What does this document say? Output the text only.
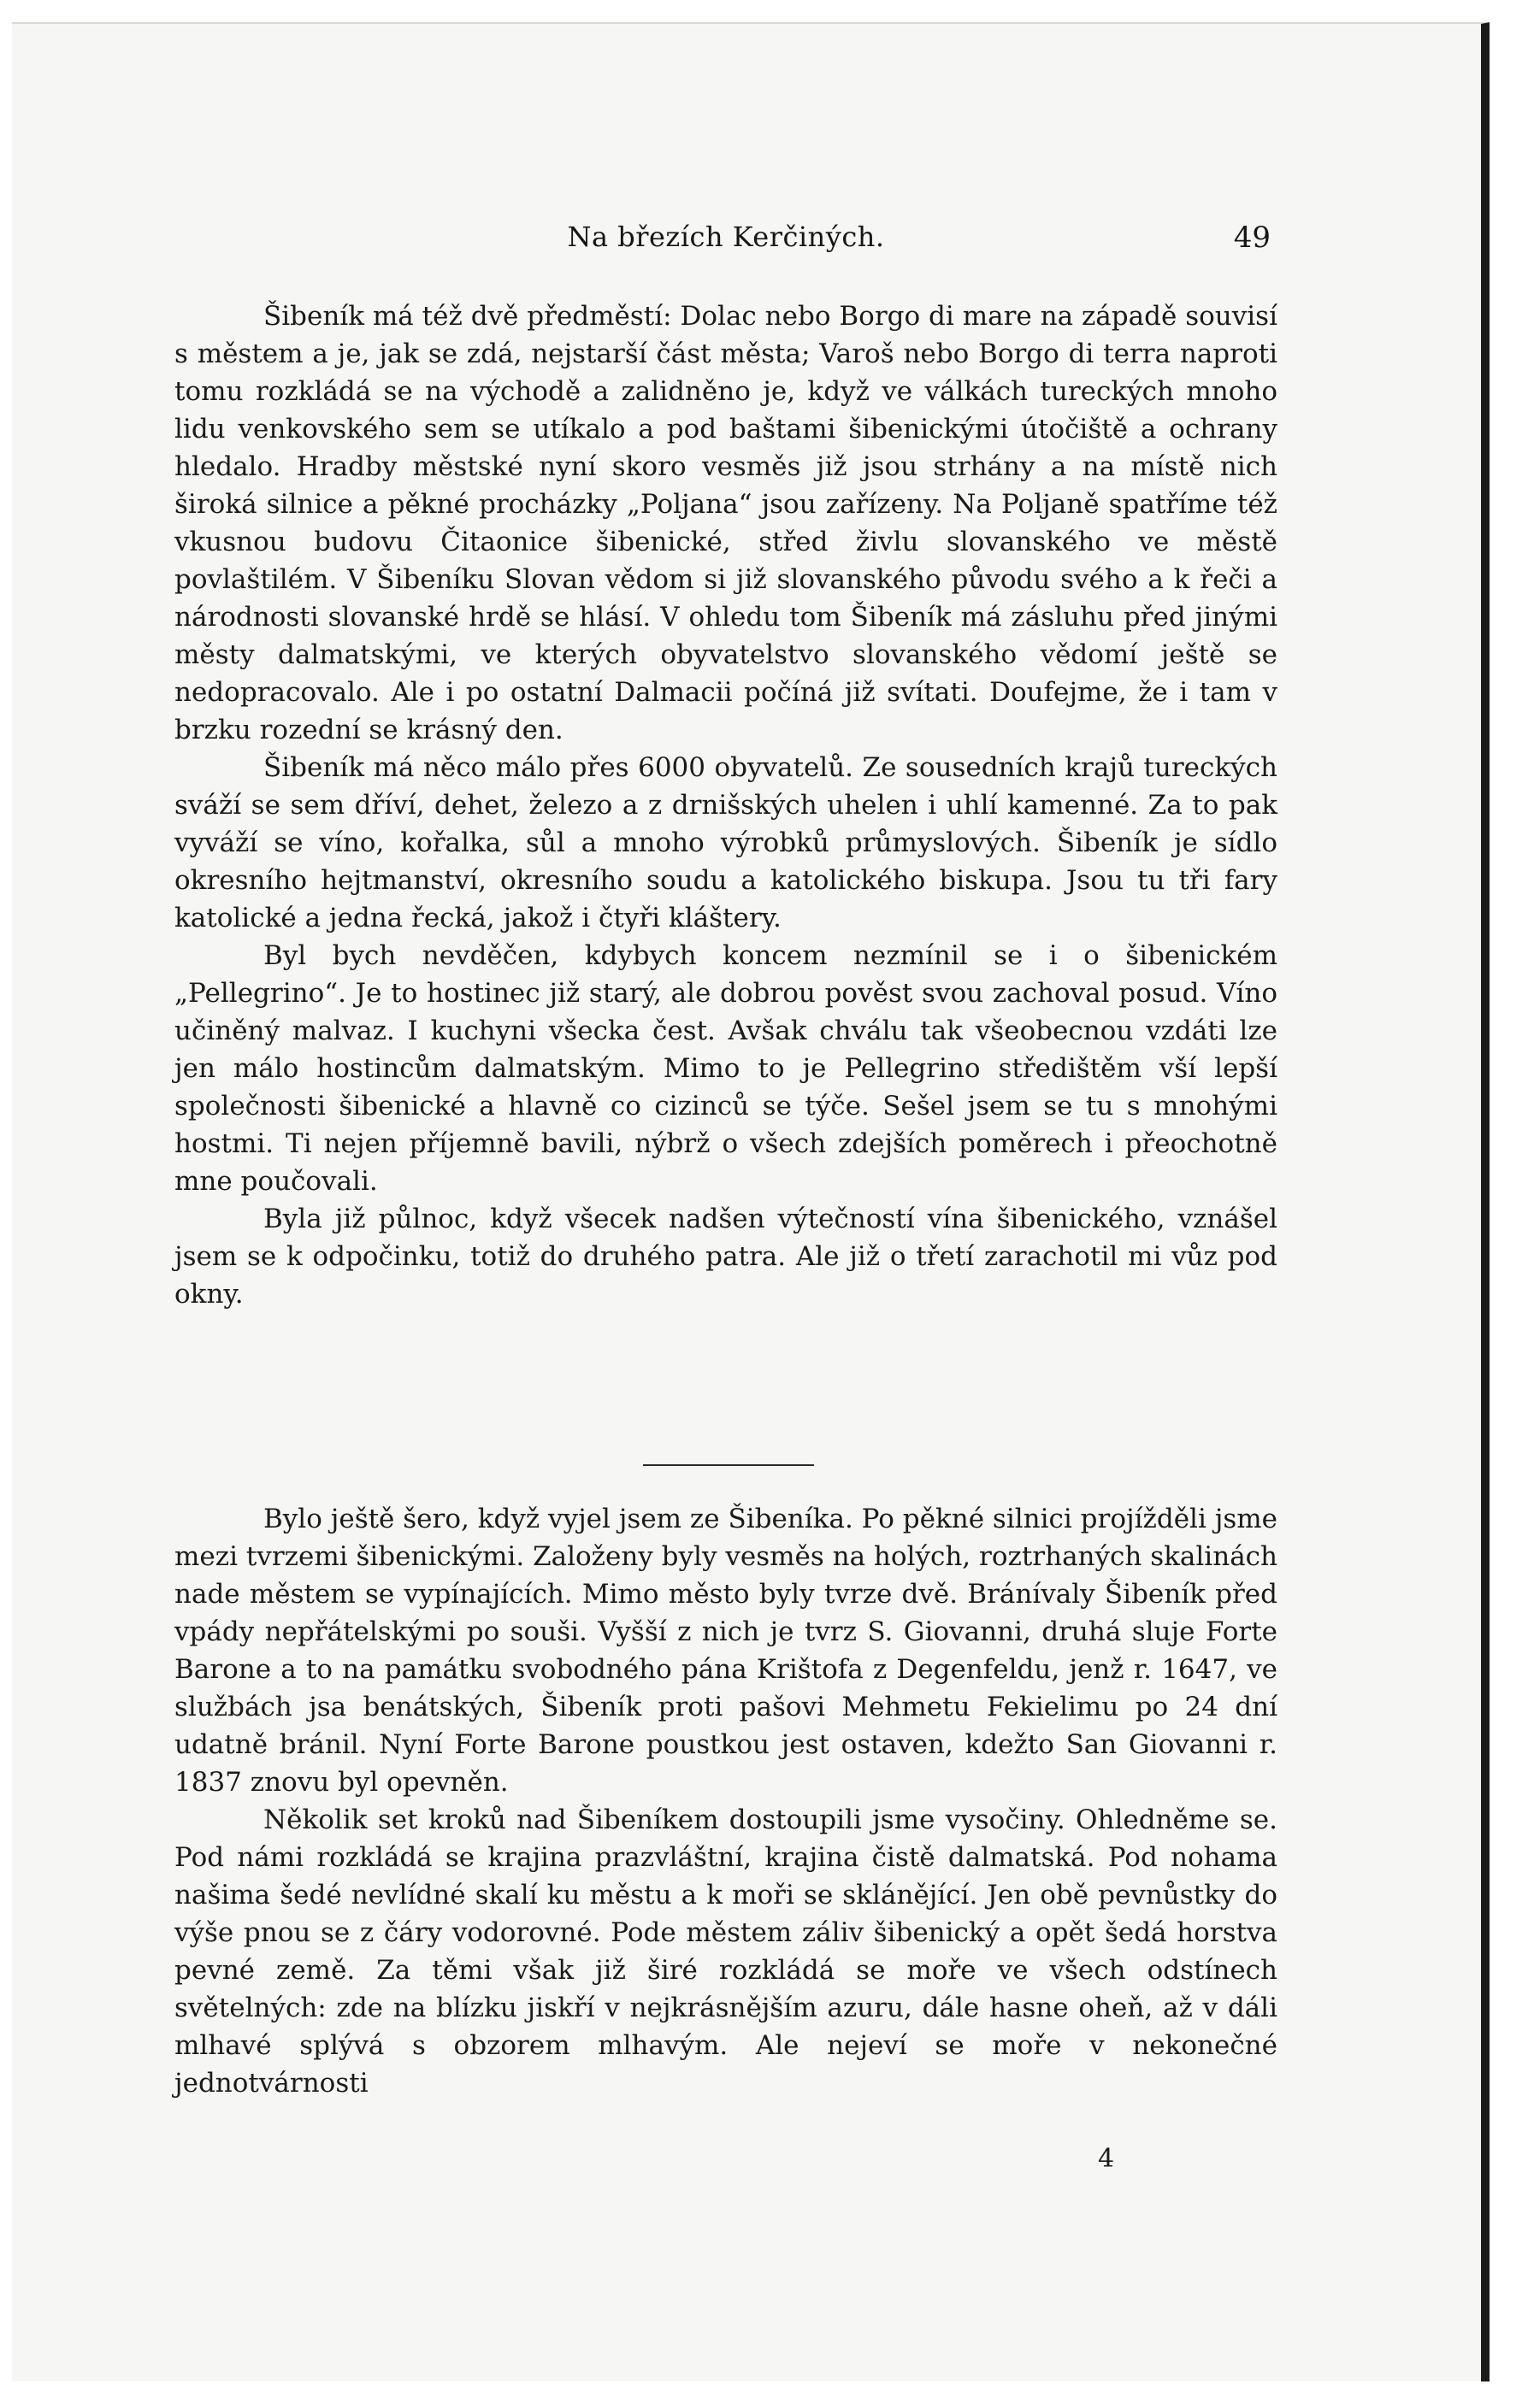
Na březích Kerčiných.	49

Šibeník má též dvě předměstí: Dolac nebo Borgo di mare na západě souvisí s městem a je, jak se zdá, nejstarší část města; Varoš nebo Borgo di terra naproti tomu rozkládá se na východě a zalidněno je, když ve válkách tureckých mnoho lidu venkovského sem se utíkalo a pod baštami šibenickými útočiště a ochrany hledalo. Hradby městské nyní skoro vesměs již jsou strhány a na místě nich široká silnice a pěkné procházky „Poljana“ jsou zařízeny. Na Poljaně spatříme též vkusnou budovu Čitaonice šibenické, střed živlu slovanského ve městě povlaštilém. V Šibeníku Slovan vědom si již slovanského původu svého a k řeči a národnosti slovanské hrdě se hlásí. V ohledu tom Šibeník má zásluhu před jinými městy dalmatskými, ve kterých obyvatelstvo slovanského vědomí ještě se nedopracovalo. Ale i po ostatní Dalmacii počíná již svítati. Doufejme, že i tam v brzku rozední se krásný den.

Šibeník má něco málo přes 6000 obyvatelů. Ze sousedních krajů tureckých sváží se sem dříví, dehet, železo a z drnišských uhelen i uhlí kamenné. Za to pak vyváží se víno, kořalka, sůl a mnoho výrobků průmyslových. Šibeník je sídlo okresního hejtmanství, okresního soudu a katolického biskupa. Jsou tu tři fary katolické a jedna řecká, jakož i čtyři kláštery.

Byl bych nevděčen, kdybych koncem nezmínil se i o šibenickém „Pellegrino“. Je to hostinec již starý, ale dobrou pověst svou zachoval posud. Víno učiněný malvaz. I kuchyni všecka čest. Avšak chválu tak všeobecnou vzdáti lze jen málo hostincům dalmatským. Mimo to je Pellegrino středištěm vší lepší společnosti šibenické a hlavně co cizinců se týče. Sešel jsem se tu s mnohými hostmi. Ti nejen příjemně bavili, nýbrž o všech zdejších poměrech i přeochotně mne poučovali.

Byla již půlnoc, když všecek nadšen výtečností vína šibenického, vznášel jsem se k odpočinku, totiž do druhého patra. Ale již o třetí zarachotil mi vůz pod okny.

Bylo ještě šero, když vyjel jsem ze Šibeníka. Po pěkné silnici projížděli jsme mezi tvrzemi šibenickými. Založeny byly vesměs na holých, roztrhaných skalinách nade městem se vypínajících. Mimo město byly tvrze dvě. Bránívaly Šibeník před vpády nepřátelskými po souši. Vyšší z nich je tvrz S. Giovanni, druhá sluje Forte Barone a to na památku svobodného pána Krištofa z Degenfeldu, jenž r. 1647, ve službách jsa benátských, Šibeník proti pašovi Mehmetu Fekielimu po 24 dní udatně bránil. Nyní Forte Barone poustkou jest ostaven, kdežto San Giovanni r. 1837 znovu byl opevněn.

Několik set kroků nad Šibeníkem dostoupili jsme vysočiny. Ohledněme se. Pod námi rozkládá se krajina prazvláštní, krajina čistě dalmatská. Pod nohama našima šedé nevlídné skalí ku městu a k moři se sklánějící. Jen obě pevnůstky do výše pnou se z čáry vodorovné. Pode městem záliv šibenický a opět šedá horstva pevné země. Za těmi však již širé rozkládá se moře ve všech odstínech světelných: zde na blízku jiskří v nejkrásnějším azuru, dále hasne oheň, až v dáli mlhavé splývá s obzorem mlhavým. Ale nejeví se moře v nekonečné jednotvárnosti

4
